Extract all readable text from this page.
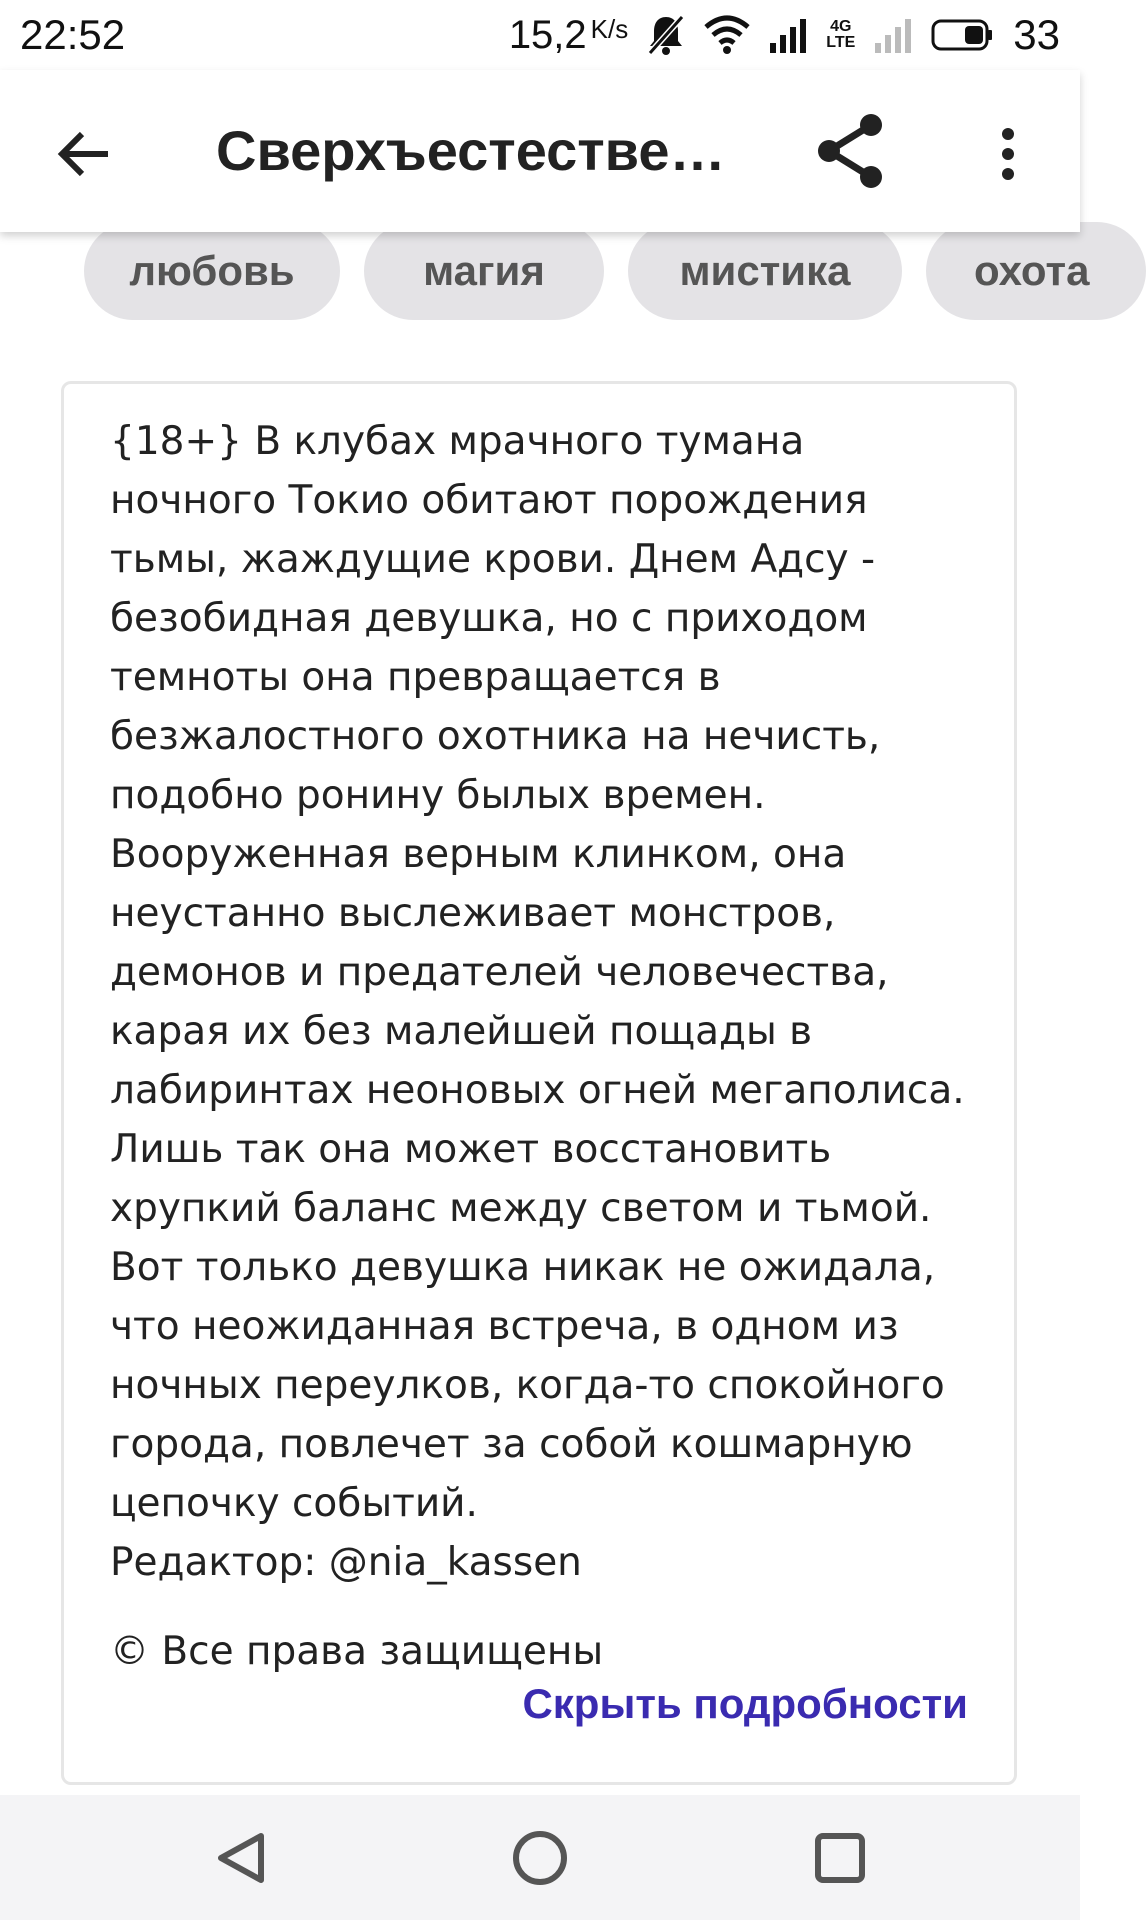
22:52	15,2 K/s	4G
LTE	33
Сверхъестестве…
любовь	магия	мистика	охота
{18+} В клубах мрачного тумана
ночного Токио обитают порождения
тьмы, жаждущие крови. Днем Адсу -
безобидная девушка, но с приходом
темноты она превращается в
безжалостного охотника на нечисть,
подобно ронину былых времен.
Вооруженная верным клинком, она
неустанно выслеживает монстров,
демонов и предателей человечества,
карая их без малейшей пощады в
лабиринтах неоновых огней мегаполиса.
Лишь так она может восстановить
хрупкий баланс между светом и тьмой.
Вот только девушка никак не ожидала,
что неожиданная встреча, в одном из
ночных переулков, когда-то спокойного
города, повлечет за собой кошмарную
цепочку событий.
Редактор: @nia_kassen
© Все права защищены
Скрыть подробности
